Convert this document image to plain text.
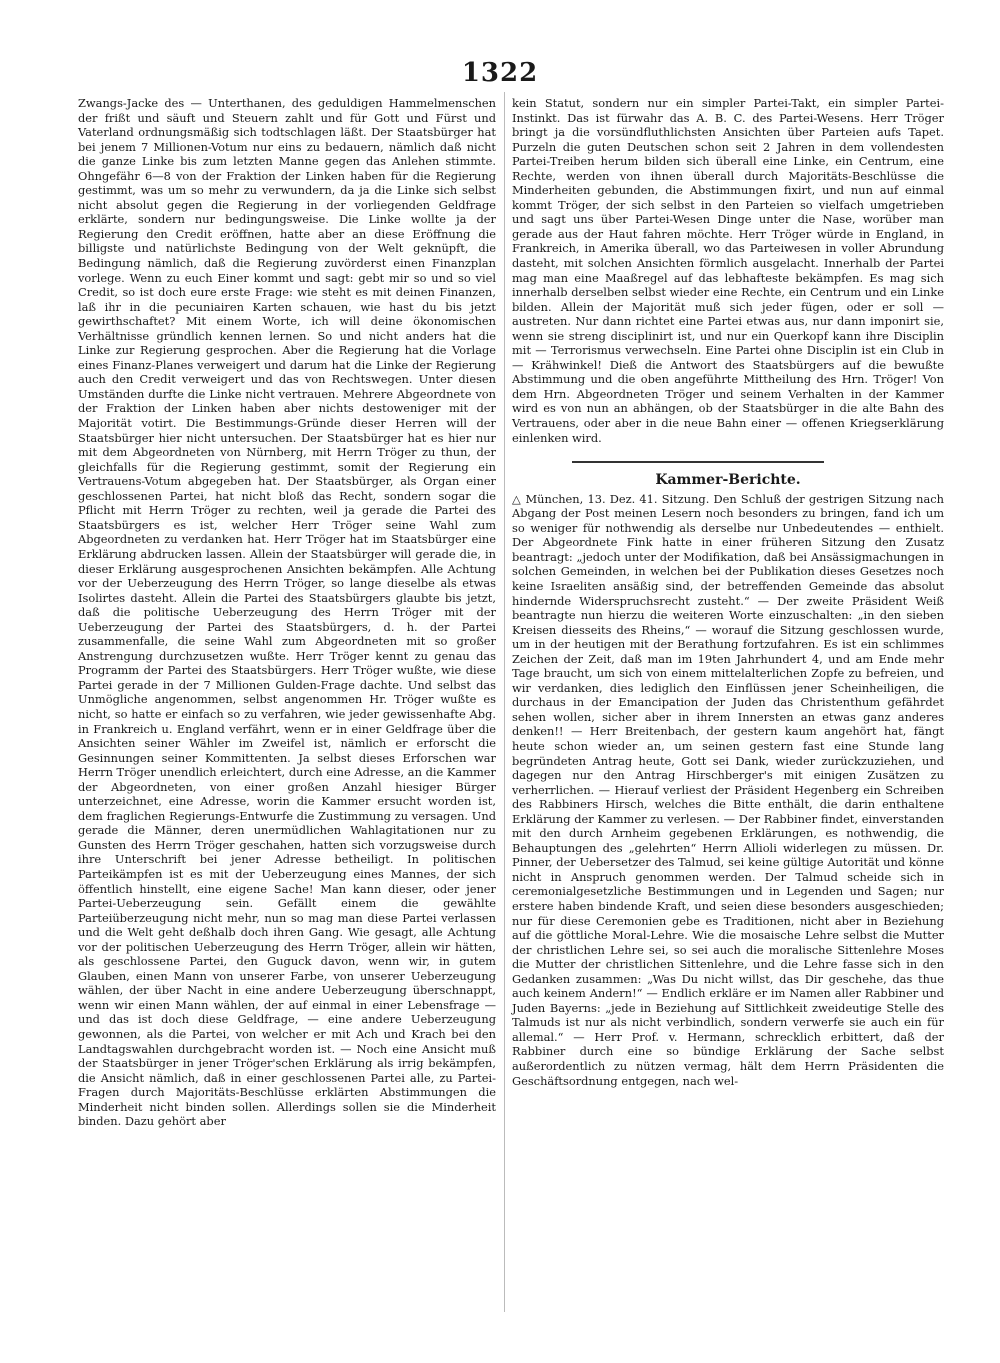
1322

Zwangs-Jacke des — Unterthanen, des geduldigen Hammelmenschen der frißt und säuft und Steuern zahlt und für Gott und Fürst und Vaterland ordnungsmäßig sich todtschlagen läßt. Der Staatsbürger hat bei jenem 7 Millionen-Votum nur eins zu bedauern, nämlich daß nicht die ganze Linke bis zum letzten Manne gegen das Anlehen stimmte. Ohngefähr 6—8 von der Fraktion der Linken haben für die Regierung gestimmt, was um so mehr zu verwundern, da ja die Linke sich selbst nicht absolut gegen die Regierung in der vorliegenden Geldfrage erklärte, sondern nur bedingungsweise. Die Linke wollte ja der Regierung den Credit eröffnen, hatte aber an diese Eröffnung die billigste und natürlichste Bedingung von der Welt geknüpft, die Bedingung nämlich, daß die Regierung zuvörderst einen Finanzplan vorlege. Wenn zu euch Einer kommt und sagt: gebt mir so und so viel Credit, so ist doch eure erste Frage: wie steht es mit deinen Finanzen, laß ihr in die pecuniairen Karten schauen, wie hast du bis jetzt gewirthschaftet? Mit einem Worte, ich will deine ökonomischen Verhältnisse gründlich kennen lernen. So und nicht anders hat die Linke zur Regierung gesprochen. Aber die Regierung hat die Vorlage eines Finanz-Planes verweigert und darum hat die Linke der Regierung auch den Credit verweigert und das von Rechtswegen. Unter diesen Umständen durfte die Linke nicht vertrauen. Mehrere Abgeordnete von der Fraktion der Linken haben aber nichts destoweniger mit der Majorität votirt. Die Bestimmungs-Gründe dieser Herren will der Staatsbürger hier nicht untersuchen. Der Staatsbürger hat es hier nur mit dem Abgeordneten von Nürnberg, mit Herrn Tröger zu thun, der gleichfalls für die Regierung gestimmt, somit der Regierung ein Vertrauens-Votum abgegeben hat. Der Staatsbürger, als Organ einer geschlossenen Partei, hat nicht bloß das Recht, sondern sogar die Pflicht mit Herrn Tröger zu rechten, weil ja gerade die Partei des Staatsbürgers es ist, welcher Herr Tröger seine Wahl zum Abgeordneten zu verdanken hat. Herr Tröger hat im Staatsbürger eine Erklärung abdrucken lassen. Allein der Staatsbürger will gerade die, in dieser Erklärung ausgesprochenen Ansichten bekämpfen. Alle Achtung vor der Ueberzeugung des Herrn Tröger, so lange dieselbe als etwas Isolirtes dasteht. Allein die Partei des Staatsbürgers glaubte bis jetzt, daß die politische Ueberzeugung des Herrn Tröger mit der Ueberzeugung der Partei des Staatsbürgers, d. h. der Partei zusammenfalle, die seine Wahl zum Abgeordneten mit so großer Anstrengung durchzusetzen wußte. Herr Tröger kennt zu genau das Programm der Partei des Staatsbürgers. Herr Tröger wußte, wie diese Partei gerade in der 7 Millionen Gulden-Frage dachte. Und selbst das Unmögliche angenommen, selbst angenommen Hr. Tröger wußte es nicht, so hatte er einfach so zu verfahren, wie jeder gewissenhafte Abg. in Frankreich u. England verfährt, wenn er in einer Geldfrage über die Ansichten seiner Wähler im Zweifel ist, nämlich er erforscht die Gesinnungen seiner Kommittenten. Ja selbst dieses Erforschen war Herrn Tröger unendlich erleichtert, durch eine Adresse, an die Kammer der Abgeordneten, von einer großen Anzahl hiesiger Bürger unterzeichnet, eine Adresse, worin die Kammer ersucht worden ist, dem fraglichen Regierungs-Entwurfe die Zustimmung zu versagen. Und gerade die Männer, deren unermüdlichen Wahlagitationen nur zu Gunsten des Herrn Tröger geschahen, hatten sich vorzugsweise durch ihre Unterschrift bei jener Adresse betheiligt. In politischen Parteikämpfen ist es mit der Ueberzeugung eines Mannes, der sich öffentlich hinstellt, eine eigene Sache! Man kann dieser, oder jener Partei-Ueberzeugung sein. Gefällt einem die gewählte Parteiüberzeugung nicht mehr, nun so mag man diese Partei verlassen und die Welt geht deßhalb doch ihren Gang. Wie gesagt, alle Achtung vor der politischen Ueberzeugung des Herrn Tröger, allein wir hätten, als geschlossene Partei, den Guguck davon, wenn wir, in gutem Glauben, einen Mann von unserer Farbe, von unserer Ueberzeugung wählen, der über Nacht in eine andere Ueberzeugung überschnappt, wenn wir einen Mann wählen, der auf einmal in einer Lebensfrage — und das ist doch diese Geldfrage, — eine andere Ueberzeugung gewonnen, als die Partei, von welcher er mit Ach und Krach bei den Landtagswahlen durchgebracht worden ist. — Noch eine Ansicht muß der Staatsbürger in jener Tröger'schen Erklärung als irrig bekämpfen, die Ansicht nämlich, daß in einer geschlossenen Partei alle, zu Partei-Fragen durch Majoritäts-Beschlüsse erklärten Abstimmungen die Minderheit nicht binden sollen. Allerdings sollen sie die Minderheit binden. Dazu gehört aber

kein Statut, sondern nur ein simpler Partei-Takt, ein simpler Partei-Instinkt. Das ist fürwahr das A. B. C. des Partei-Wesens. Herr Tröger bringt ja die vorsündfluthlichsten Ansichten über Parteien aufs Tapet. Purzeln die guten Deutschen schon seit 2 Jahren in dem vollendesten Partei-Treiben herum bilden sich überall eine Linke, ein Centrum, eine Rechte, werden von ihnen überall durch Majoritäts-Beschlüsse die Minderheiten gebunden, die Abstimmungen fixirt, und nun auf einmal kommt Tröger, der sich selbst in den Parteien so vielfach umgetrieben und sagt uns über Partei-Wesen Dinge unter die Nase, worüber man gerade aus der Haut fahren möchte. Herr Tröger würde in England, in Frankreich, in Amerika überall, wo das Parteiwesen in voller Abrundung dasteht, mit solchen Ansichten förmlich ausgelacht. Innerhalb der Partei mag man eine Maaßregel auf das lebhafteste bekämpfen. Es mag sich innerhalb derselben selbst wieder eine Rechte, ein Centrum und ein Linke bilden. Allein der Majorität muß sich jeder fügen, oder er soll — austreten. Nur dann richtet eine Partei etwas aus, nur dann imponirt sie, wenn sie streng disciplinirt ist, und nur ein Querkopf kann ihre Disciplin mit — Terrorismus verwechseln. Eine Partei ohne Disciplin ist ein Club in — Krähwinkel! Dieß die Antwort des Staatsbürgers auf die bewußte Abstimmung und die oben angeführte Mittheilung des Hrn. Tröger! Von dem Hrn. Abgeordneten Tröger und seinem Verhalten in der Kammer wird es von nun an abhängen, ob der Staatsbürger in die alte Bahn des Vertrauens, oder aber in die neue Bahn einer — offenen Kriegserklärung einlenken wird.

Kammer-Berichte.

△ München, 13. Dez. 41. Sitzung. Den Schluß der gestrigen Sitzung nach Abgang der Post meinen Lesern noch besonders zu bringen, fand ich um so weniger für nothwendig als derselbe nur Unbedeutendes — enthielt. Der Abgeordnete Fink hatte in einer früheren Sitzung den Zusatz beantragt: „jedoch unter der Modifikation, daß bei Ansässigmachungen in solchen Gemeinden, in welchen bei der Publikation dieses Gesetzes noch keine Israeliten ansäßig sind, der betreffenden Gemeinde das absolut hindernde Widerspruchsrecht zusteht.“ — Der zweite Präsident Weiß beantragte nun hierzu die weiteren Worte einzuschalten: „in den sieben Kreisen diesseits des Rheins,“ — worauf die Sitzung geschlossen wurde, um in der heutigen mit der Berathung fortzufahren. Es ist ein schlimmes Zeichen der Zeit, daß man im 19ten Jahrhundert 4, und am Ende mehr Tage braucht, um sich von einem mittelalterlichen Zopfe zu befreien, und wir verdanken, dies lediglich den Einflüssen jener Scheinheiligen, die durchaus in der Emancipation der Juden das Christenthum gefährdet sehen wollen, sicher aber in ihrem Innersten an etwas ganz anderes denken!! — Herr Breitenbach, der gestern kaum angehört hat, fängt heute schon wieder an, um seinen gestern fast eine Stunde lang begründeten Antrag heute, Gott sei Dank, wieder zurückzuziehen, und dagegen nur den Antrag Hirschberger's mit einigen Zusätzen zu verherrlichen. — Hierauf verliest der Präsident Hegenberg ein Schreiben des Rabbiners Hirsch, welches die Bitte enthält, die darin enthaltene Erklärung der Kammer zu verlesen. — Der Rabbiner findet, einverstanden mit den durch Arnheim gegebenen Erklärungen, es nothwendig, die Behauptungen des „gelehrten“ Herrn Allioli widerlegen zu müssen. Dr. Pinner, der Uebersetzer des Talmud, sei keine gültige Autorität und könne nicht in Anspruch genommen werden. Der Talmud scheide sich in ceremonialgesetzliche Bestimmungen und in Legenden und Sagen; nur erstere haben bindende Kraft, und seien diese besonders ausgeschieden; nur für diese Ceremonien gebe es Traditionen, nicht aber in Beziehung auf die göttliche Moral-Lehre. Wie die mosaische Lehre selbst die Mutter der christlichen Lehre sei, so sei auch die moralische Sittenlehre Moses die Mutter der christlichen Sittenlehre, und die Lehre fasse sich in den Gedanken zusammen: „Was Du nicht willst, das Dir geschehe, das thue auch keinem Andern!“ — Endlich erkläre er im Namen aller Rabbiner und Juden Bayerns: „jede in Beziehung auf Sittlichkeit zweideutige Stelle des Talmuds ist nur als nicht verbindlich, sondern verwerfe sie auch ein für allemal.“ — Herr Prof. v. Hermann, schrecklich erbittert, daß der Rabbiner durch eine so bündige Erklärung der Sache selbst außerordentlich zu nützen vermag, hält dem Herrn Präsidenten die Geschäftsordnung entgegen, nach wel-
